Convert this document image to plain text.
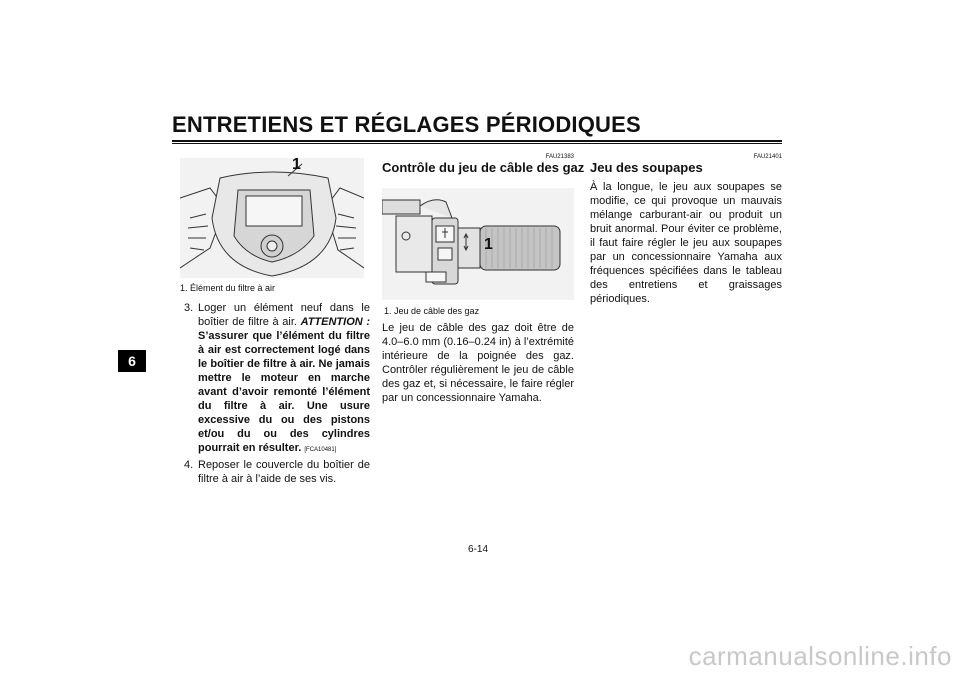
ENTRETIENS ET RÉGLAGES PÉRIODIQUES
6
1
1. Élément du filtre à air
3. Loger un élément neuf dans le boîtier de filtre à air. ATTENTION : S’assurer que l’élément du filtre à air est correctement logé dans le boîtier de filtre à air. Ne jamais mettre le moteur en marche avant d’avoir remonté l’élément du filtre à air. Une usure excessive du ou des pistons et/ou du ou des cylindres pourrait en résulter. [FCA10481]
4. Reposer le couvercle du boîtier de filtre à air à l’aide de ses vis.
FAU21383
Contrôle du jeu de câble des gaz
1
1. Jeu de câble des gaz
Le jeu de câble des gaz doit être de 4.0–6.0 mm (0.16–0.24 in) à l’extrémité intérieure de la poignée des gaz. Contrôler régulièrement le jeu de câble des gaz et, si nécessaire, le faire régler par un concessionnaire Yamaha.
FAU21401
Jeu des soupapes
À la longue, le jeu aux soupapes se modifie, ce qui provoque un mauvais mélange carburant-air ou produit un bruit anormal. Pour éviter ce problème, il faut faire régler le jeu aux soupapes par un concessionnaire Yamaha aux fréquences spécifiées dans le tableau des entretiens et graissages périodiques.
6-14
carmanualsonline.info
